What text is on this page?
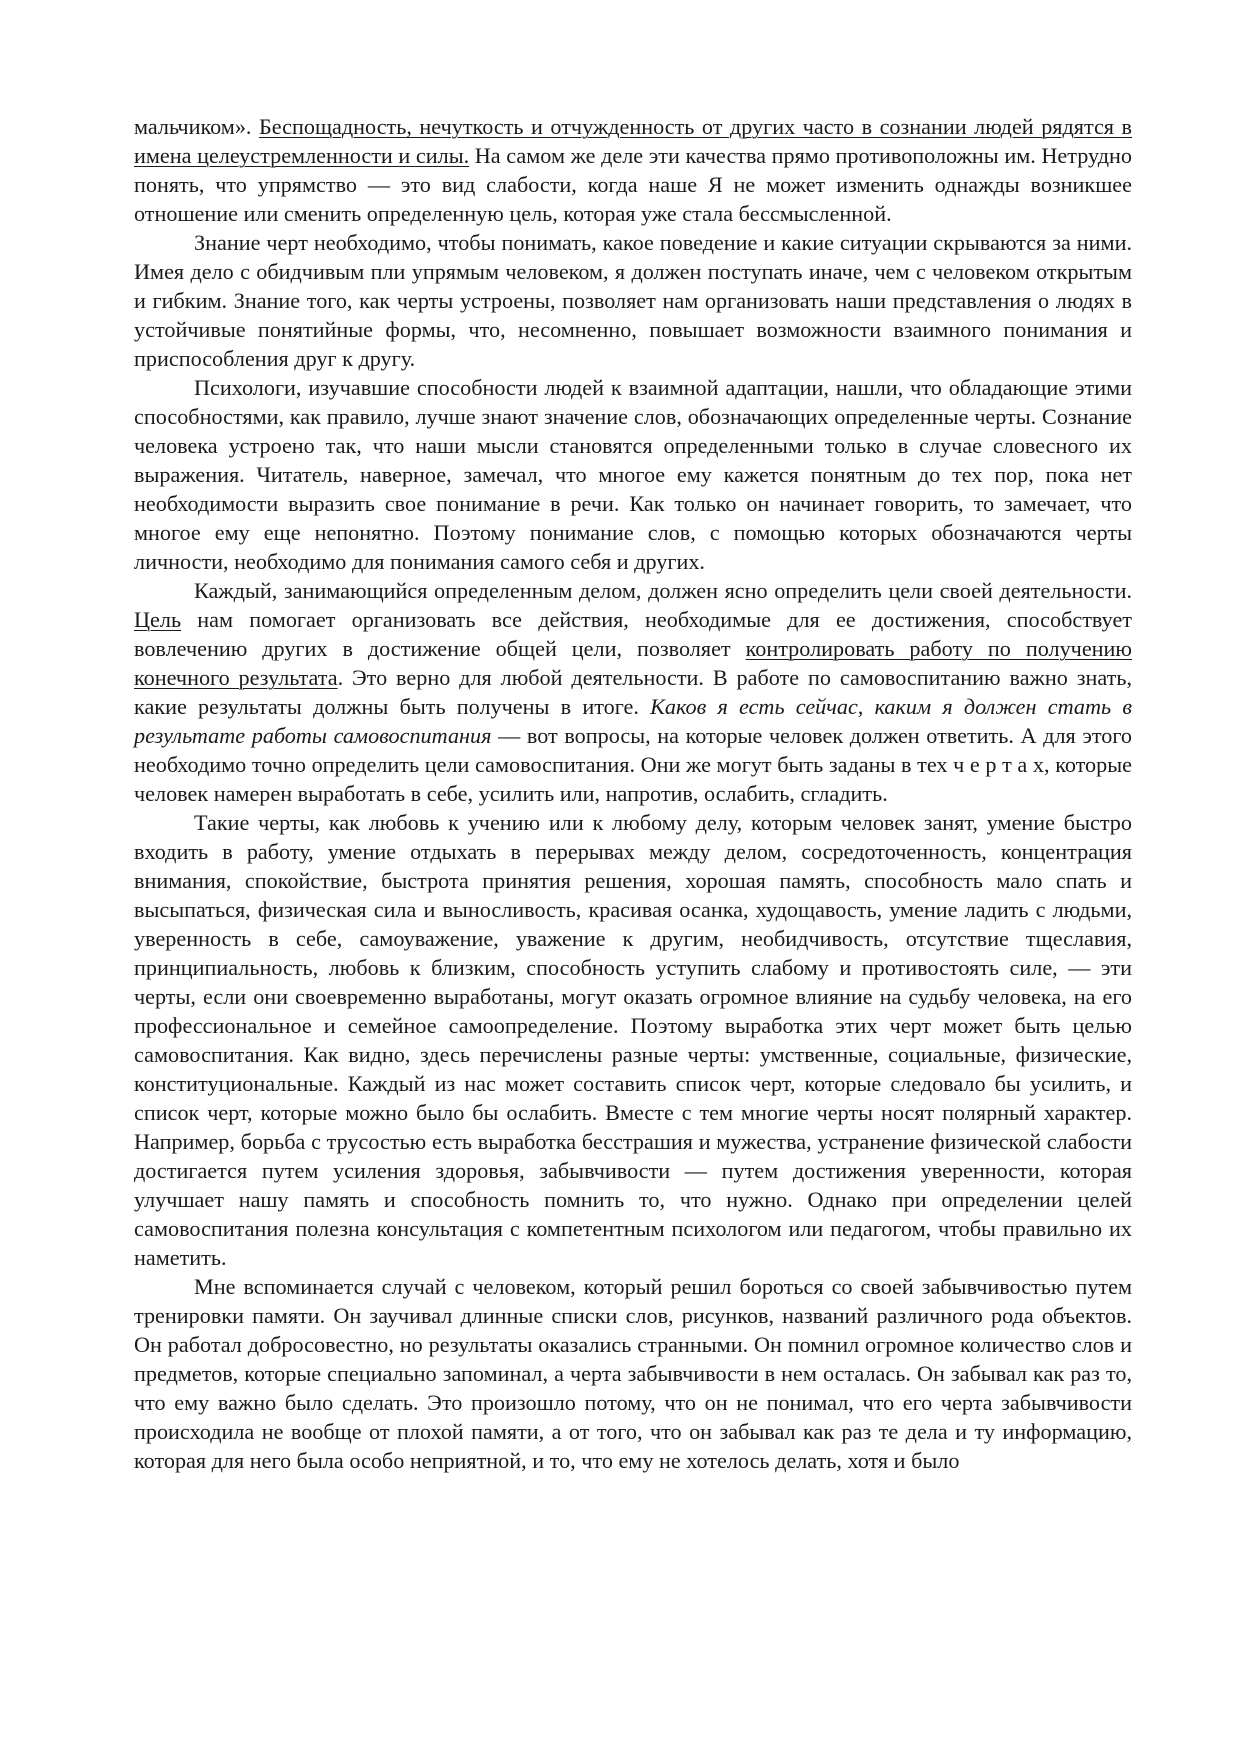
мальчиком». Беспощадность, нечуткость и отчужденность от других часто в сознании людей рядятся в имена целеустремленности и силы. На самом же деле эти качества прямо противоположны им. Нетрудно понять, что упрямство — это вид слабости, когда наше Я не может изменить однажды возникшее отношение или сменить определенную цель, которая уже стала бессмысленной.

Знание черт необходимо, чтобы понимать, какое поведение и какие ситуации скрываются за ними. Имея дело с обидчивым пли упрямым человеком, я должен поступать иначе, чем с человеком открытым и гибким. Знание того, как черты устроены, позволяет нам организовать наши представления о людях в устойчивые понятийные формы, что, несомненно, повышает возможности взаимного понимания и приспособления друг к другу.

Психологи, изучавшие способности людей к взаимной адаптации, нашли, что обладающие этими способностями, как правило, лучше знают значение слов, обозначающих определенные черты. Сознание человека устроено так, что наши мысли становятся определенными только в случае словесного их выражения. Читатель, наверное, замечал, что многое ему кажется понятным до тех пор, пока нет необходимости выразить свое понимание в речи. Как только он начинает говорить, то замечает, что многое ему еще непонятно. Поэтому понимание слов, с помощью которых обозначаются черты личности, необходимо для понимания самого себя и других.

Каждый, занимающийся определенным делом, должен ясно определить цели своей деятельности. Цель нам помогает организовать все действия, необходимые для ее достижения, способствует вовлечению других в достижение общей цели, позволяет контролировать работу по получению конечного результата. Это верно для любой деятельности. В работе по самовоспитанию важно знать, какие результаты должны быть получены в итоге. Каков я есть сейчас, каким я должен стать в результате работы самовоспитания — вот вопросы, на которые человек должен ответить. А для этого необходимо точно определить цели самовоспитания. Они же могут быть заданы в тех ч е р т а х, которые человек намерен выработать в себе, усилить или, напротив, ослабить, сгладить.

Такие черты, как любовь к учению или к любому делу, которым человек занят, умение быстро входить в работу, умение отдыхать в перерывах между делом, сосредоточенность, концентрация внимания, спокойствие, быстрота принятия решения, хорошая память, способность мало спать и высыпаться, физическая сила и выносливость, красивая осанка, худощавость, умение ладить с людьми, уверенность в себе, самоуважение, уважение к другим, необидчивость, отсутствие тщеславия, принципиальность, любовь к близким, способность уступить слабому и противостоять силе, — эти черты, если они своевременно выработаны, могут оказать огромное влияние на судьбу человека, на его профессиональное и семейное самоопределение. Поэтому выработка этих черт может быть целью самовоспитания. Как видно, здесь перечислены разные черты: умственные, социальные, физические, конституциональные. Каждый из нас может составить список черт, которые следовало бы усилить, и список черт, которые можно было бы ослабить. Вместе с тем многие черты носят полярный характер. Например, борьба с трусостью есть выработка бесстрашия и мужества, устранение физической слабости достигается путем усиления здоровья, забывчивости — путем достижения уверенности, которая улучшает нашу память и способность помнить то, что нужно. Однако при определении целей самовоспитания полезна консультация с компетентным психологом или педагогом, чтобы правильно их наметить.

Мне вспоминается случай с человеком, который решил бороться со своей забывчивостью путем тренировки памяти. Он заучивал длинные списки слов, рисунков, названий различного рода объектов. Он работал добросовестно, но результаты оказались странными. Он помнил огромное количество слов и предметов, которые специально запоминал, а черта забывчивости в нем осталась. Он забывал как раз то, что ему важно было сделать. Это произошло потому, что он не понимал, что его черта забывчивости происходила не вообще от плохой памяти, а от того, что он забывал как раз те дела и ту информацию, которая для него была особо неприятной, и то, что ему не хотелось делать, хотя и было
